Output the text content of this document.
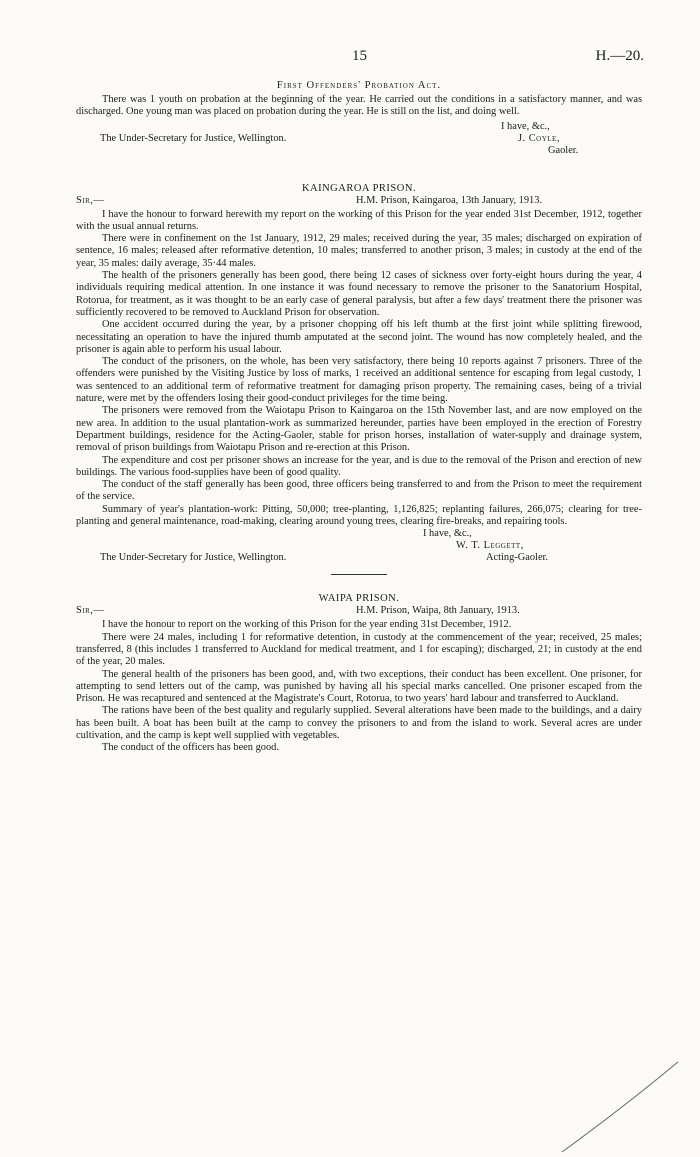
15	H.—20.

First Offenders' Probation Act.

There was 1 youth on probation at the beginning of the year. He carried out the conditions in a satisfactory manner, and was discharged. One young man was placed on probation during the year. He is still on the list, and doing well.

I have, &c.,
The Under-Secretary for Justice, Wellington.	J. Coyle,
Gaoler.

KAINGAROA PRISON.

Sir,—	H.M. Prison, Kaingaroa, 13th January, 1913.

I have the honour to forward herewith my report on the working of this Prison for the year ended 31st December, 1912, together with the usual annual returns.

There were in confinement on the 1st January, 1912, 29 males; received during the year, 35 males; discharged on expiration of sentence, 16 males; released after reformative detention, 10 males; transferred to another prison, 3 males; in custody at the end of the year, 35 males: daily average, 35·44 males.

The health of the prisoners generally has been good, there being 12 cases of sickness over forty-eight hours during the year, 4 individuals requiring medical attention. In one instance it was found necessary to remove the prisoner to the Sanatorium Hospital, Rotorua, for treatment, as it was thought to be an early case of general paralysis, but after a few days' treatment there the prisoner was sufficiently recovered to be removed to Auckland Prison for observation.

One accident occurred during the year, by a prisoner chopping off his left thumb at the first joint while splitting firewood, necessitating an operation to have the injured thumb amputated at the second joint. The wound has now completely healed, and the prisoner is again able to perform his usual labour.

The conduct of the prisoners, on the whole, has been very satisfactory, there being 10 reports against 7 prisoners. Three of the offenders were punished by the Visiting Justice by loss of marks, 1 received an additional sentence for escaping from legal custody, 1 was sentenced to an additional term of reformative treatment for damaging prison property. The remaining cases, being of a trivial nature, were met by the offenders losing their good-conduct privileges for the time being.

The prisoners were removed from the Waiotapu Prison to Kaingaroa on the 15th November last, and are now employed on the new area. In addition to the usual plantation-work as summarized hereunder, parties have been employed in the erection of Forestry Department buildings, residence for the Acting-Gaoler, stable for prison horses, installation of water-supply and drainage system, removal of prison buildings from Waiotapu Prison and re-erection at this Prison.

The expenditure and cost per prisoner shows an increase for the year, and is due to the removal of the Prison and erection of new buildings. The various food-supplies have been of good quality.

The conduct of the staff generally has been good, three officers being transferred to and from the Prison to meet the requirement of the service.

Summary of year's plantation-work: Pitting, 50,000; tree-planting, 1,126,825; replanting failures, 266,075; clearing for tree-planting and general maintenance, road-making, clearing around young trees, clearing fire-breaks, and repairing tools.

I have, &c.,
W. T. Leggett,
The Under-Secretary for Justice, Wellington.	Acting-Gaoler.

WAIPA PRISON.

Sir,—	H.M. Prison, Waipa, 8th January, 1913.

I have the honour to report on the working of this Prison for the year ending 31st December, 1912.

There were 24 males, including 1 for reformative detention, in custody at the commencement of the year; received, 25 males; transferred, 8 (this includes 1 transferred to Auckland for medical treatment, and 1 for escaping); discharged, 21; in custody at the end of the year, 20 males.

The general health of the prisoners has been good, and, with two exceptions, their conduct has been excellent. One prisoner, for attempting to send letters out of the camp, was punished by having all his special marks cancelled. One prisoner escaped from the Prison. He was recaptured and sentenced at the Magistrate's Court, Rotorua, to two years' hard labour and transferred to Auckland.

The rations have been of the best quality and regularly supplied. Several alterations have been made to the buildings, and a dairy has been built. A boat has been built at the camp to convey the prisoners to and from the island to work. Several acres are under cultivation, and the camp is kept well supplied with vegetables.

The conduct of the officers has been good.
